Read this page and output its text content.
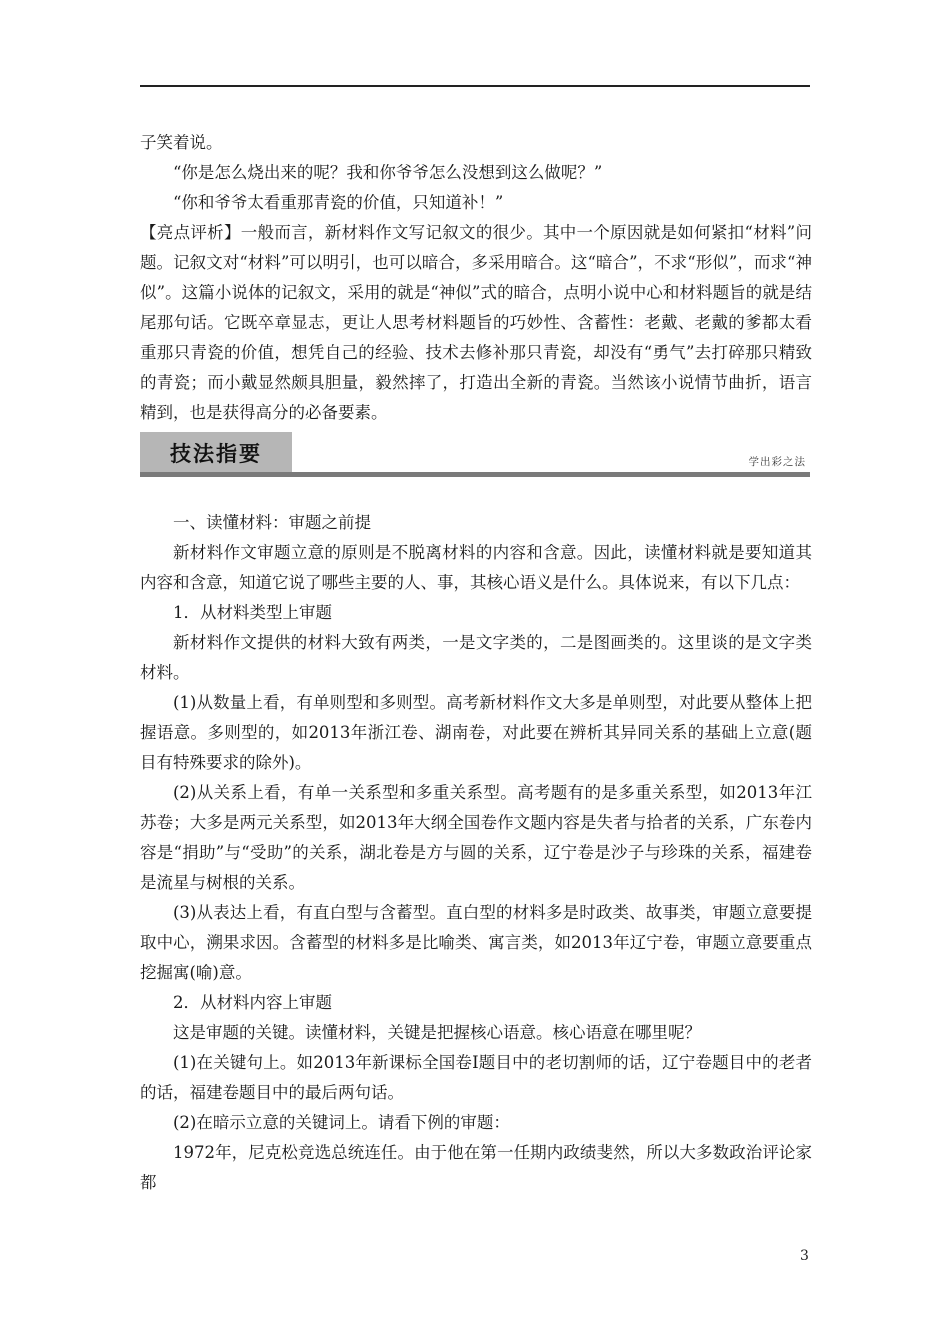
子笑着说。

“你是怎么烧出来的呢？我和你爷爷怎么没想到这么做呢？”

“你和爷爷太看重那青瓷的价值，只知道补！”

【亮点评析】一般而言，新材料作文写记叙文的很少。其中一个原因就是如何紧扣“材料”问题。记叙文对“材料”可以明引，也可以暗合，多采用暗合。这“暗合”，不求“形似”，而求“神似”。这篇小说体的记叙文，采用的就是“神似”式的暗合，点明小说中心和材料题旨的就是结尾那句话。它既卒章显志，更让人思考材料题旨的巧妙性、含蓄性：老戴、老戴的爹都太看重那只青瓷的价值，想凭自己的经验、技术去修补那只青瓷，却没有“勇气”去打碎那只精致的青瓷；而小戴显然颇具胆量，毅然摔了，打造出全新的青瓷。当然该小说情节曲折，语言精到，也是获得高分的必备要素。

技法指要	学出彩之法

一、读懂材料：审题之前提

新材料作文审题立意的原则是不脱离材料的内容和含意。因此，读懂材料就是要知道其内容和含意，知道它说了哪些主要的人、事，其核心语义是什么。具体说来，有以下几点：

1．从材料类型上审题

新材料作文提供的材料大致有两类，一是文字类的，二是图画类的。这里谈的是文字类材料。

(1)从数量上看，有单则型和多则型。高考新材料作文大多是单则型，对此要从整体上把握语意。多则型的，如2013年浙江卷、湖南卷，对此要在辨析其异同关系的基础上立意(题目有特殊要求的除外)。

(2)从关系上看，有单一关系型和多重关系型。高考题有的是多重关系型，如2013年江苏卷；大多是两元关系型，如2013年大纲全国卷作文题内容是失者与拾者的关系，广东卷内容是“捐助”与“受助”的关系，湖北卷是方与圆的关系，辽宁卷是沙子与珍珠的关系，福建卷是流星与树根的关系。

(3)从表达上看，有直白型与含蓄型。直白型的材料多是时政类、故事类，审题立意要提取中心，溯果求因。含蓄型的材料多是比喻类、寓言类，如2013年辽宁卷，审题立意要重点挖掘寓(喻)意。

2．从材料内容上审题

这是审题的关键。读懂材料，关键是把握核心语意。核心语意在哪里呢？

(1)在关键句上。如2013年新课标全国卷Ⅰ题目中的老切割师的话，辽宁卷题目中的老者的话，福建卷题目中的最后两句话。

(2)在暗示立意的关键词上。请看下例的审题：

1972年，尼克松竞选总统连任。由于他在第一任期内政绩斐然，所以大多数政治评论家都

3
